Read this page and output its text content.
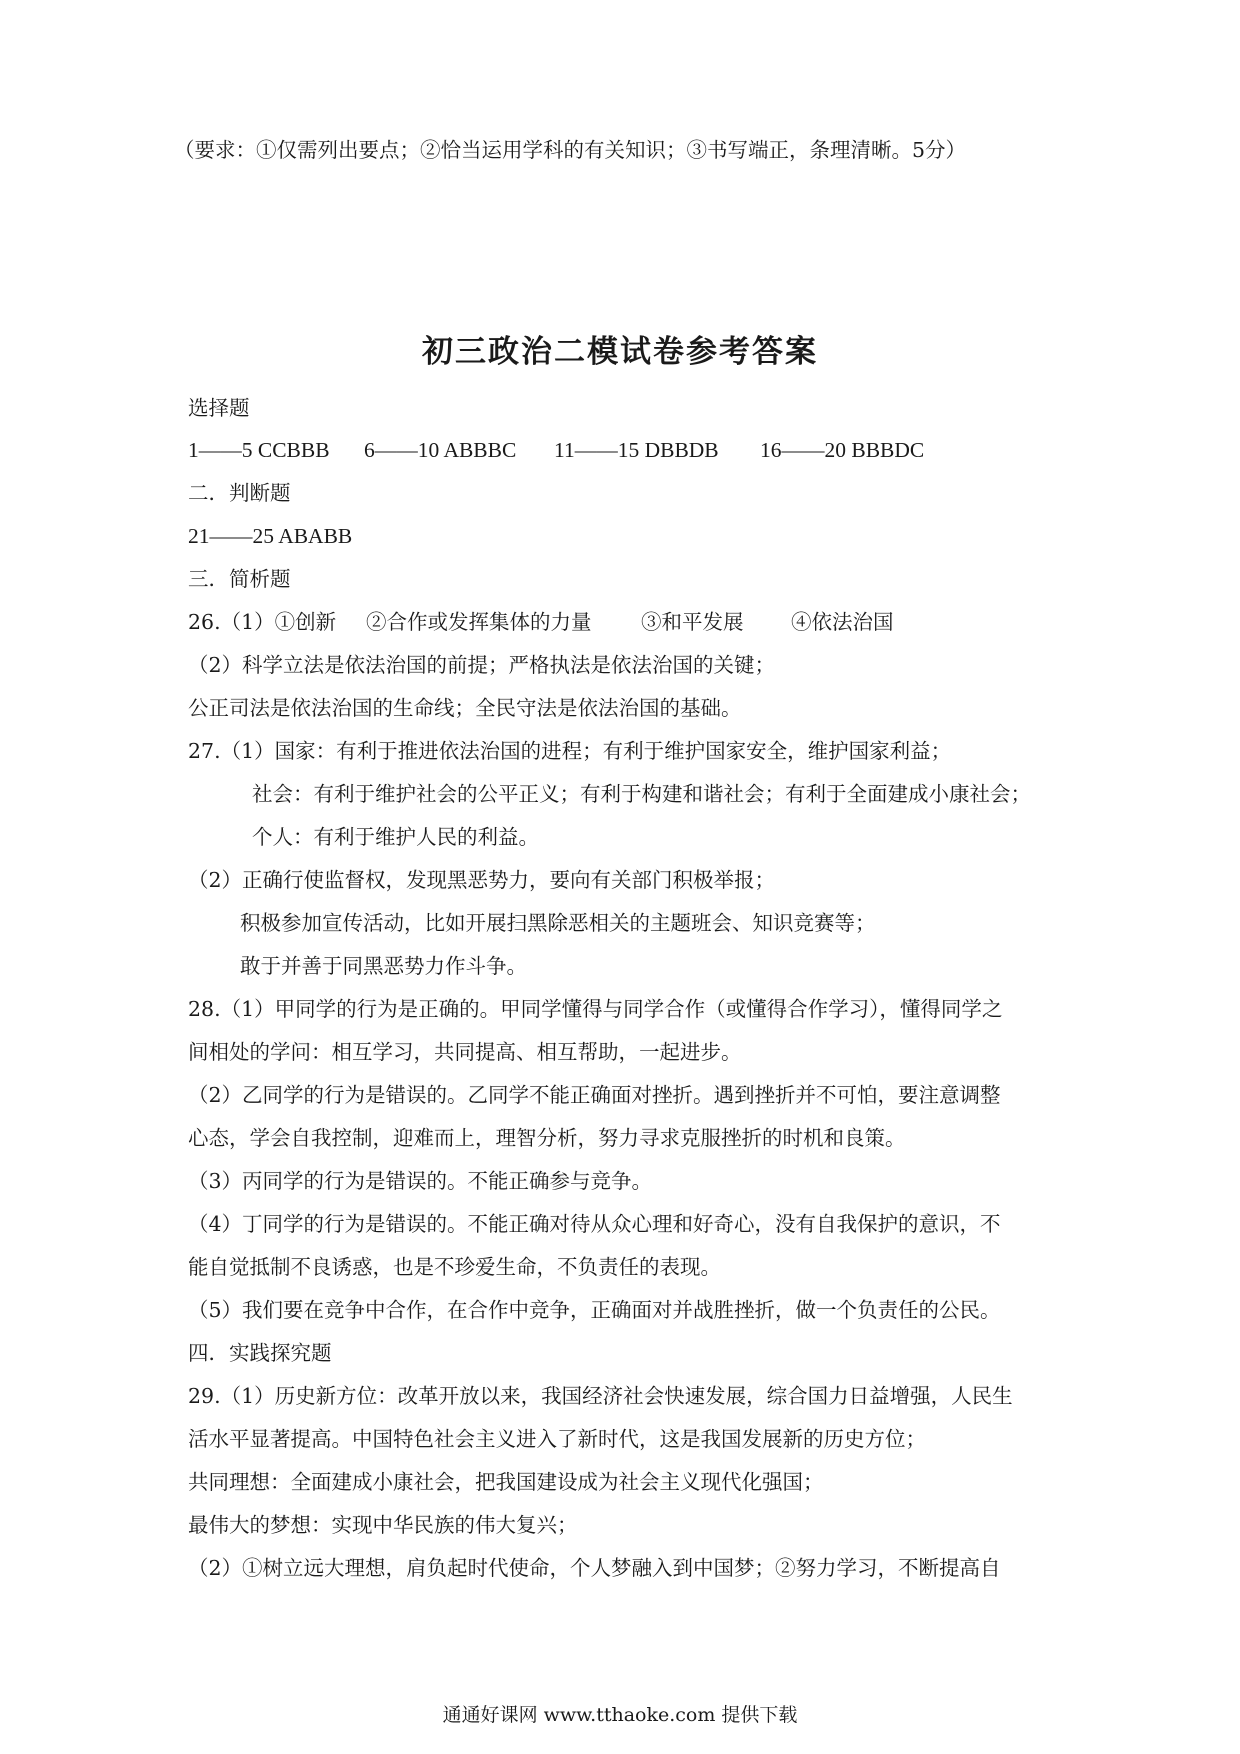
（要求：①仅需列出要点；②恰当运用学科的有关知识；③书写端正，条理清晰。5分）
初三政治二模试卷参考答案
选择题
1——5 CCBBB 6——10 ABBBC 11——15 DBBDB 16——20 BBBDC
二．判断题
21——25 ABABB
三．简析题
26.（1）①创新 ②合作或发挥集体的力量 ③和平发展 ④依法治国
（2）科学立法是依法治国的前提；严格执法是依法治国的关键；
公正司法是依法治国的生命线；全民守法是依法治国的基础。
27.（1）国家：有利于推进依法治国的进程；有利于维护国家安全，维护国家利益；
社会：有利于维护社会的公平正义；有利于构建和谐社会；有利于全面建成小康社会；
个人：有利于维护人民的利益。
（2）正确行使监督权，发现黑恶势力，要向有关部门积极举报；
积极参加宣传活动，比如开展扫黑除恶相关的主题班会、知识竞赛等；
敢于并善于同黑恶势力作斗争。
28.（1）甲同学的行为是正确的。甲同学懂得与同学合作（或懂得合作学习），懂得同学之
间相处的学问：相互学习，共同提高、相互帮助，一起进步。
（2）乙同学的行为是错误的。乙同学不能正确面对挫折。遇到挫折并不可怕，要注意调整
心态，学会自我控制，迎难而上，理智分析，努力寻求克服挫折的时机和良策。
（3）丙同学的行为是错误的。不能正确参与竞争。
（4）丁同学的行为是错误的。不能正确对待从众心理和好奇心，没有自我保护的意识，不
能自觉抵制不良诱惑，也是不珍爱生命，不负责任的表现。
（5）我们要在竞争中合作，在合作中竞争，正确面对并战胜挫折，做一个负责任的公民。
四．实践探究题
29.（1）历史新方位：改革开放以来，我国经济社会快速发展，综合国力日益增强，人民生
活水平显著提高。中国特色社会主义进入了新时代，这是我国发展新的历史方位；
共同理想：全面建成小康社会，把我国建设成为社会主义现代化强国；
最伟大的梦想：实现中华民族的伟大复兴；
（2）①树立远大理想，肩负起时代使命，个人梦融入到中国梦；②努力学习，不断提高自
通通好课网 www.tthaoke.com 提供下载
